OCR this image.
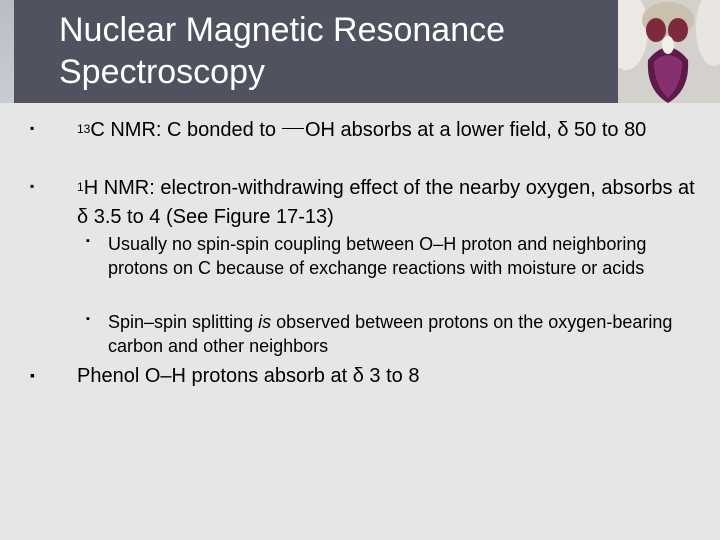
Nuclear Magnetic Resonance Spectroscopy
▪	$^{13}$C NMR: C bonded to OH absorbs at a lower field, δ 50 to 80
▪	$^1$H NMR: electron-withdrawing effect of the nearby oxygen, absorbs at δ 3.5 to 4 (See Figure 17-13)
▪ Usually no spin-spin coupling between O–H proton and neighboring protons on C because of exchange reactions with moisture or acids
▪ Spin–spin splitting is observed between protons on the oxygen-bearing carbon and other neighbors
▪ Phenol O–H protons absorb at δ 3 to 8
